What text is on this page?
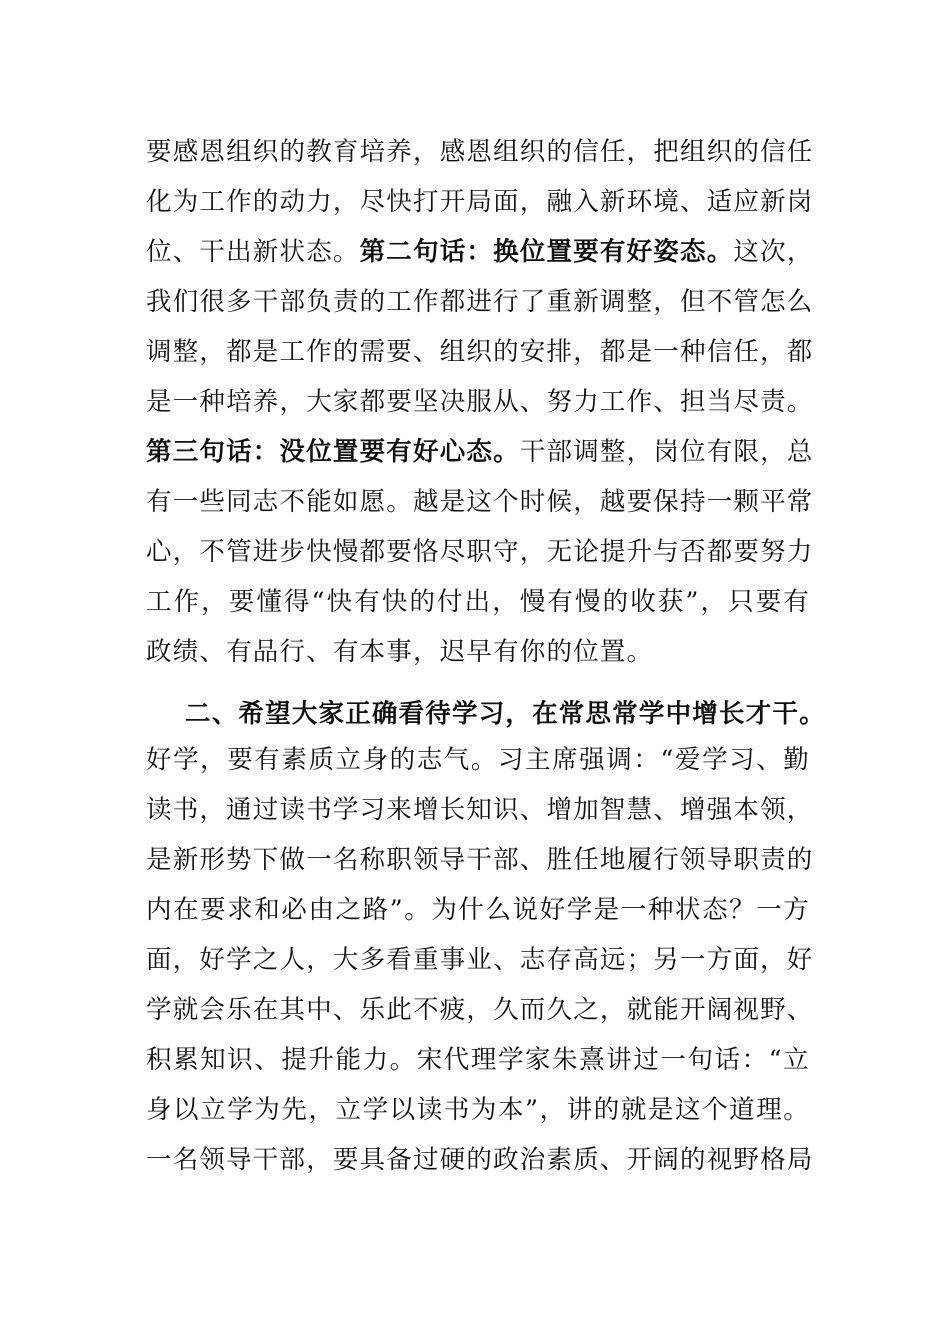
要感恩组织的教育培养，感恩组织的信任，把组织的信任
化为工作的动力，尽快打开局面，融入新环境、适应新岗
位、干出新状态。第二句话：换位置要有好姿态。这次，
我们很多干部负责的工作都进行了重新调整，但不管怎么
调整，都是工作的需要、组织的安排，都是一种信任，都
是一种培养，大家都要坚决服从、努力工作、担当尽责。
第三句话：没位置要有好心态。干部调整，岗位有限，总
有一些同志不能如愿。越是这个时候，越要保持一颗平常
心，不管进步快慢都要恪尽职守，无论提升与否都要努力
工作，要懂得“快有快的付出，慢有慢的收获”，只要有
政绩、有品行、有本事，迟早有你的位置。
二、希望大家正确看待学习，在常思常学中增长才干。
好学，要有素质立身的志气。习主席强调：“爱学习、勤
读书，通过读书学习来增长知识、增加智慧、增强本领，
是新形势下做一名称职领导干部、胜任地履行领导职责的
内在要求和必由之路”。为什么说好学是一种状态？一方
面，好学之人，大多看重事业、志存高远；另一方面，好
学就会乐在其中、乐此不疲，久而久之，就能开阔视野、
积累知识、提升能力。宋代理学家朱熹讲过一句话：“立
身以立学为先，立学以读书为本”，讲的就是这个道理。
一名领导干部，要具备过硬的政治素质、开阔的视野格局
